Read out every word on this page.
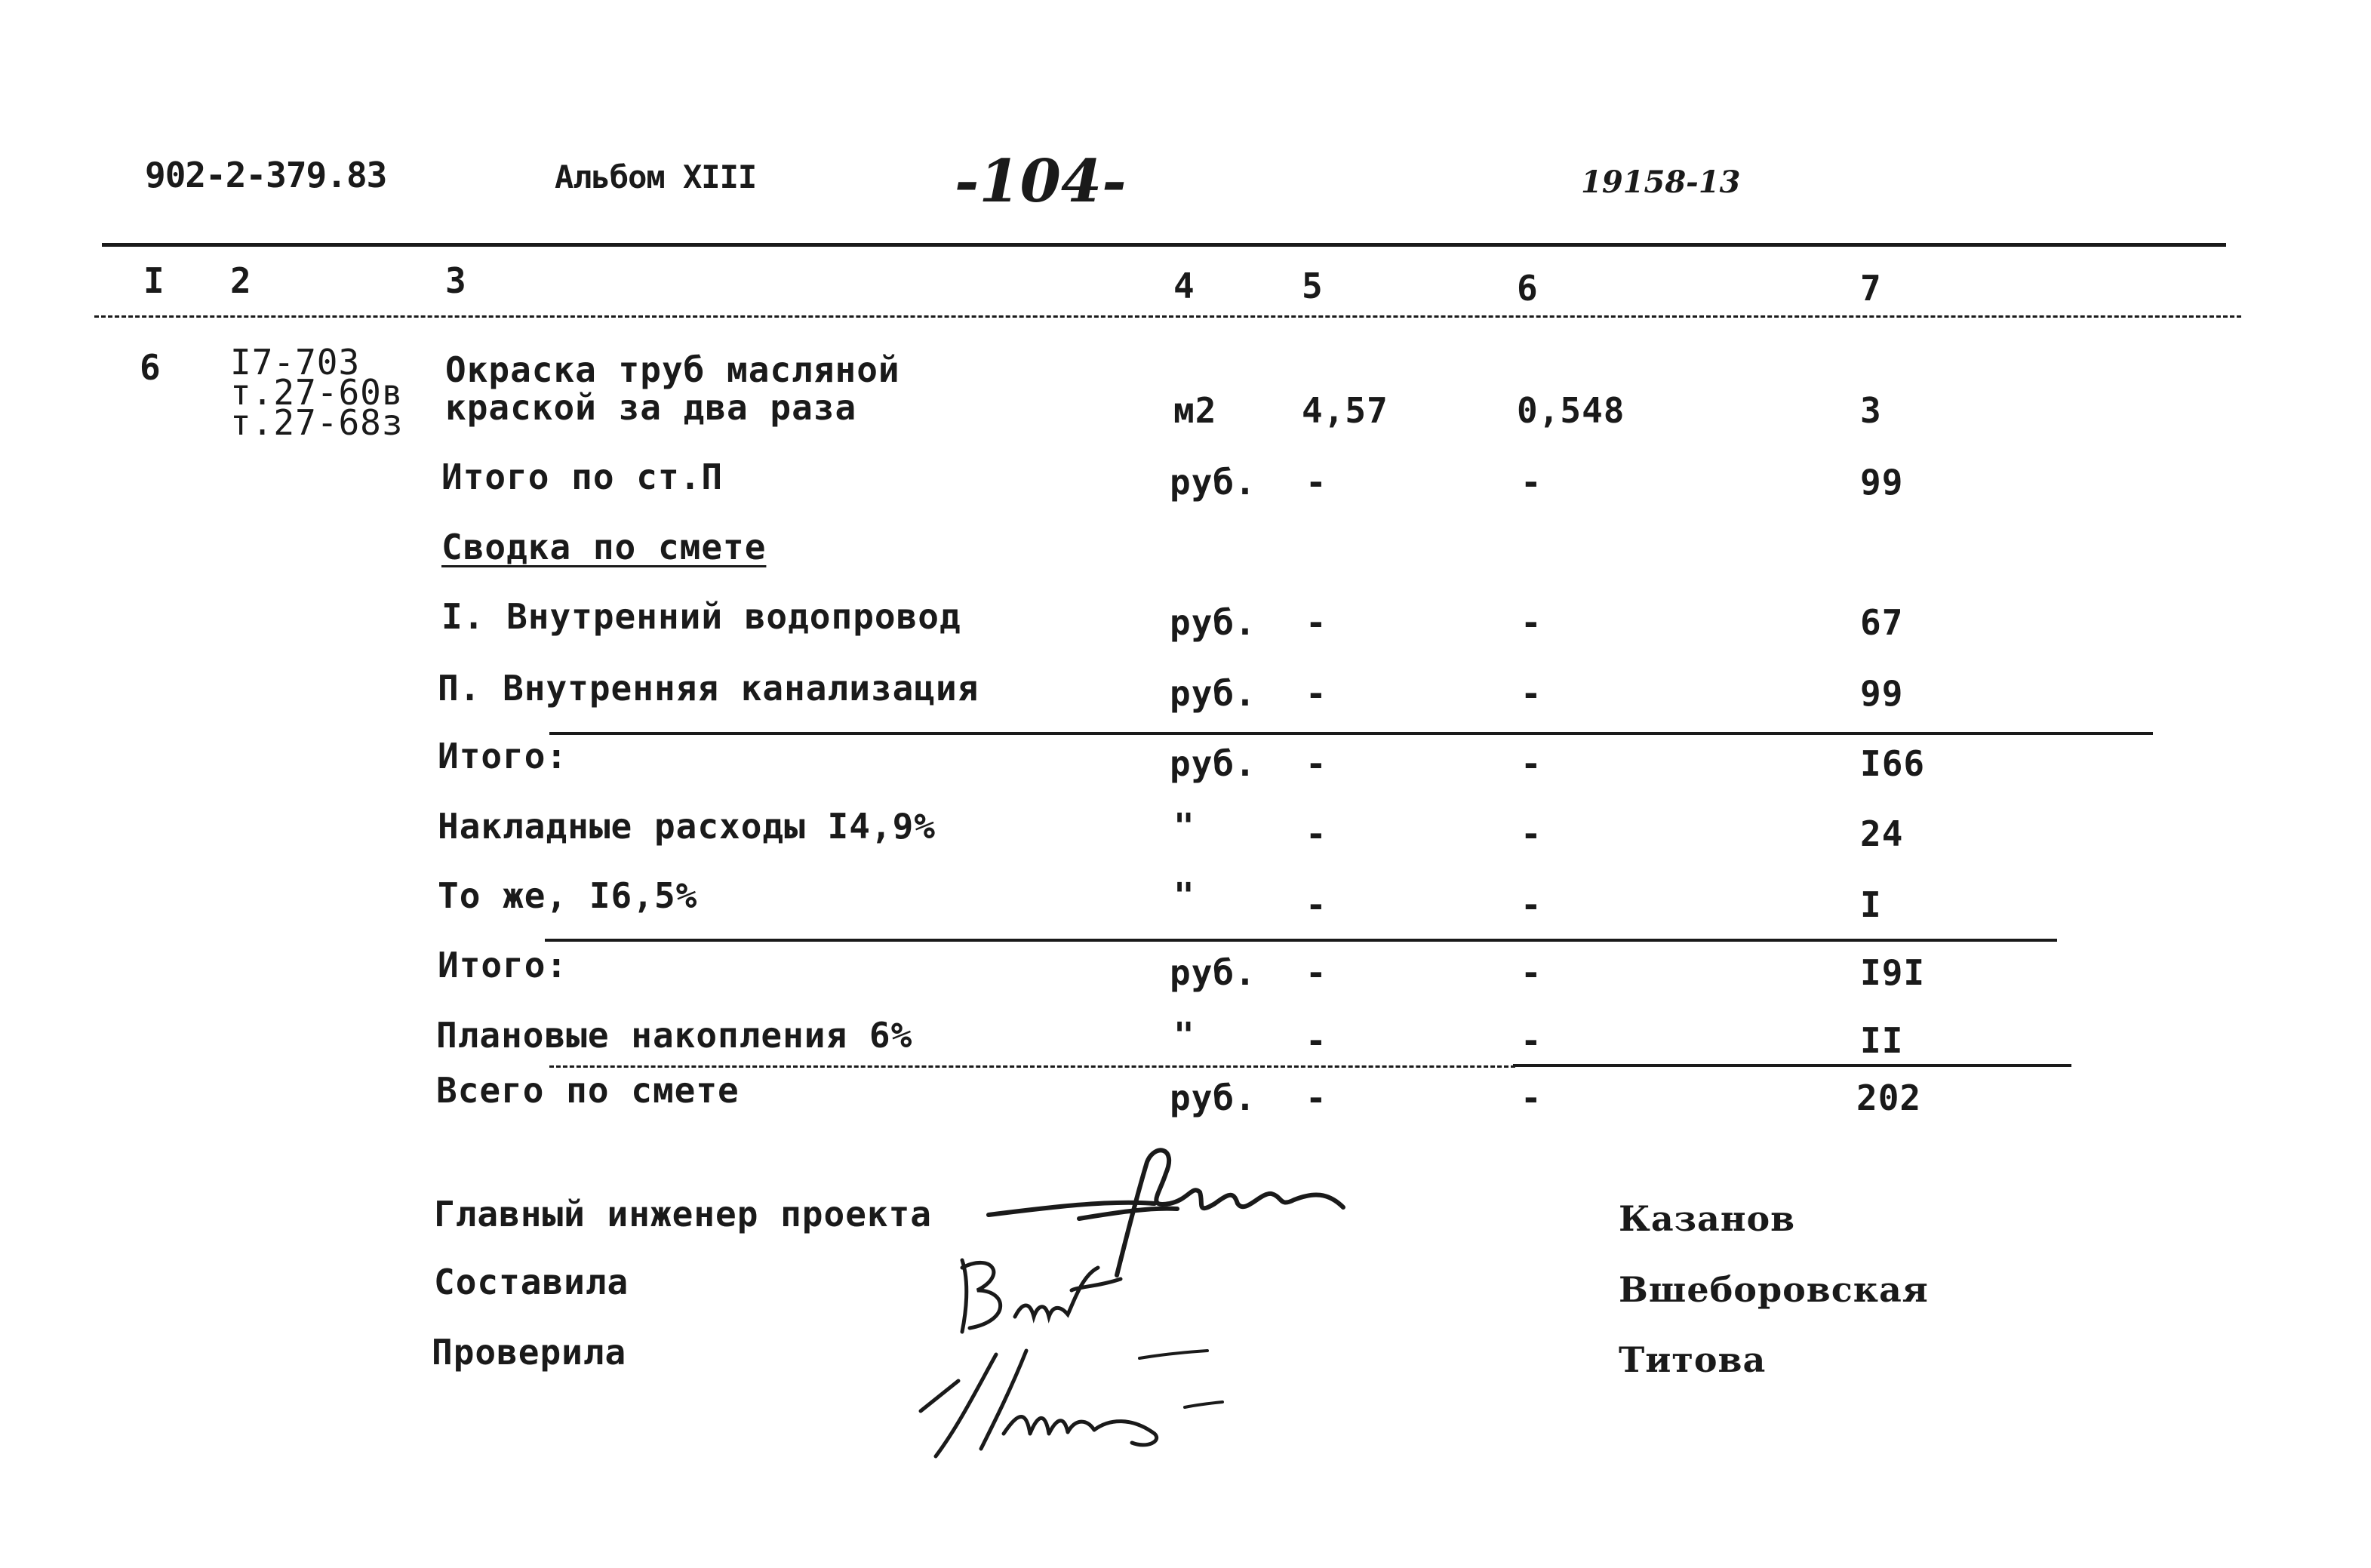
902-2-379.83	Альбом XIII	-104-	19158-13
I 2	3	4	5	6	7
6 I7-703
т.27-60в
т.27-68з
Окраска труб масляной
краской за два раза	м2 4,57	0,548	3
Итого по ст.П	руб. -	-	99
Сводка по смете
I. Внутренний водопровод	руб. -	-	67
П. Внутренняя канализация	руб. -	-	99
Итого:	руб. -	-	I66
Накладные расходы I4,9%	"	-	-	24
То же, I6,5%	"	-	-	I
Итого:	руб. -	-	I9I
Плановые накопления 6%	"	-	-	II
Всего по смете	руб. -	-	202
Главный инженер проекта
Составила
Проверила
Казанов
Вшеборовская
Титова
